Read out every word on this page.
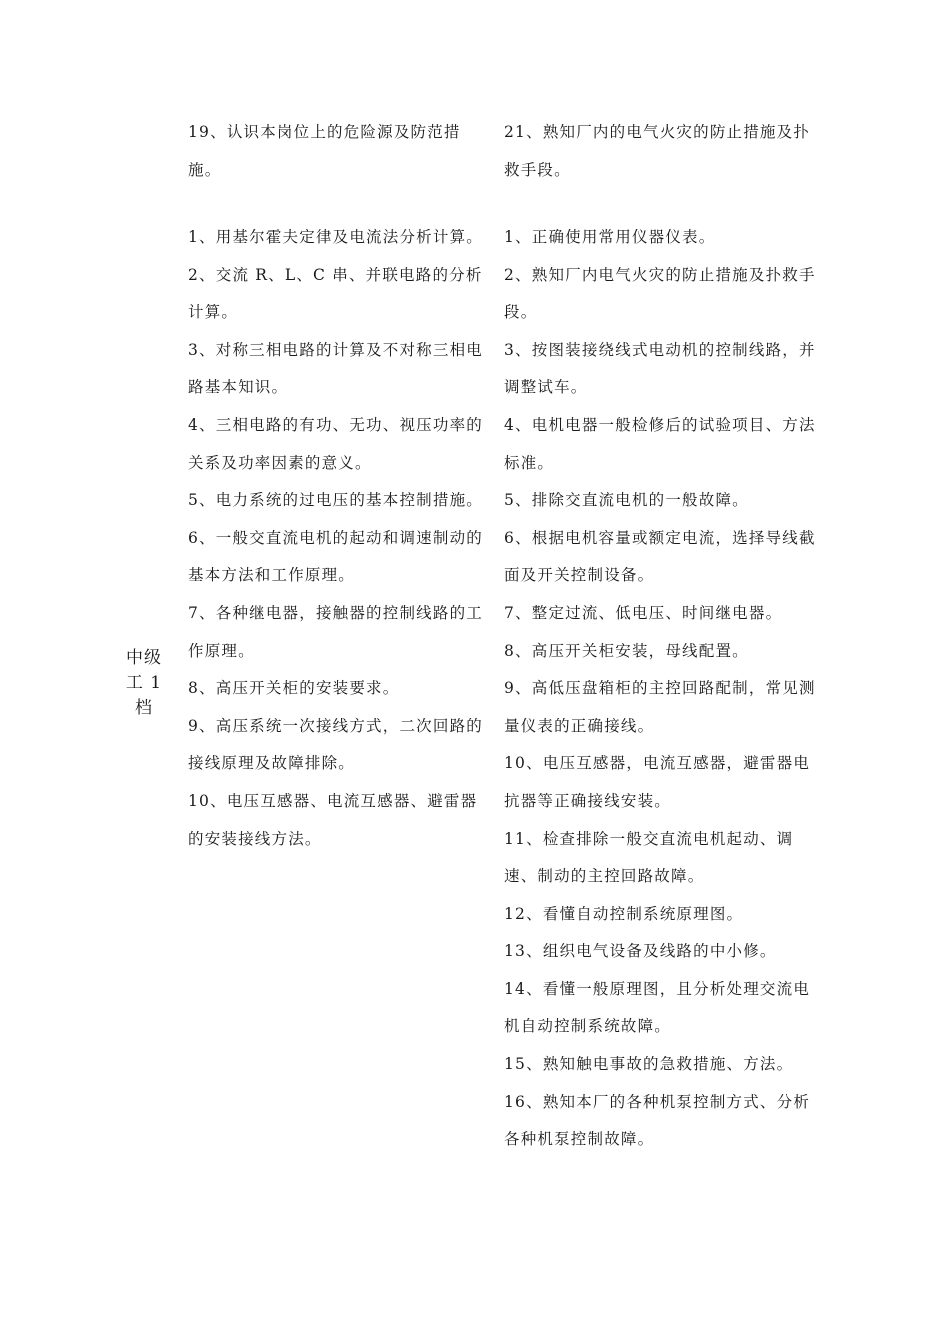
19、认识本岗位上的危险源及防范措施。
21、熟知厂内的电气火灾的防止措施及扑救手段。
中级
工 1
档
1、用基尔霍夫定律及电流法分析计算。
2、交流 R、L、C 串、并联电路的分析计算。
3、对称三相电路的计算及不对称三相电路基本知识。
4、三相电路的有功、无功、视压功率的关系及功率因素的意义。
5、电力系统的过电压的基本控制措施。
6、一般交直流电机的起动和调速制动的基本方法和工作原理。
7、各种继电器，接触器的控制线路的工作原理。
8、高压开关柜的安装要求。
9、高压系统一次接线方式，二次回路的接线原理及故障排除。
10、电压互感器、电流互感器、避雷器的安装接线方法。
1、正确使用常用仪器仪表。
2、熟知厂内电气火灾的防止措施及扑救手段。
3、按图装接绕线式电动机的控制线路，并调整试车。
4、电机电器一般检修后的试验项目、方法标准。
5、排除交直流电机的一般故障。
6、根据电机容量或额定电流，选择导线截面及开关控制设备。
7、整定过流、低电压、时间继电器。
8、高压开关柜安装，母线配置。
9、高低压盘箱柜的主控回路配制，常见测量仪表的正确接线。
10、电压互感器，电流互感器，避雷器电抗器等正确接线安装。
11、检查排除一般交直流电机起动、调速、制动的主控回路故障。
12、看懂自动控制系统原理图。
13、组织电气设备及线路的中小修。
14、看懂一般原理图，且分析处理交流电机自动控制系统故障。
15、熟知触电事故的急救措施、方法。
16、熟知本厂的各种机泵控制方式、分析各种机泵控制故障。
